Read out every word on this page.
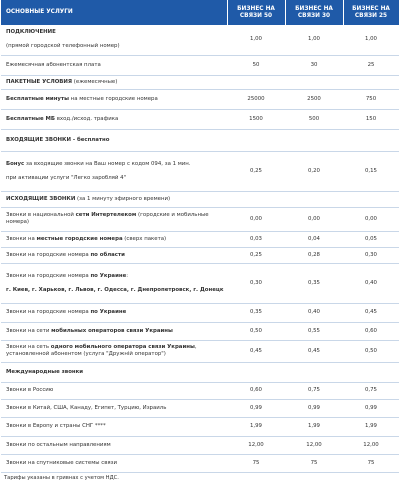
ОСНОВНЫЕ УСЛУГИ	БИЗНЕС НА СВЯЗИ 50	БИЗНЕС НА СВЯЗИ 30	БИЗНЕС НА СВЯЗИ 25
ПОДКЛЮЧЕНИЕ

(прямой городской телефонный номер)	1,00	1,00	1,00
Ежемесячная абонентская плата	50	30	25
ПАКЕТНЫЕ УСЛОВИЯ (ежемесячные)			
Бесплатные минуты на местные городские номера	25000	2500	750
Бесплатные МБ вход./исход. трафика	1500	500	150
ВХОДЯЩИЕ ЗВОНКИ - бесплатно			
Бонус за входящие звонки на Ваш номер с кодом 094, за 1 мин.

при активации услуги "Легко заробляй 4"	0,25	0,20	0,15
ИСХОДЯЩИЕ ЗВОНКИ (за 1 минуту эфирного времени)			
Звонки в национальной сети Интертелеком (городские и мобильные номера)	0,00	0,00	0,00
Звонки на местные городские номера (сверх пакета)	0,03	0,04	0,05
Звонки на городские номера по области	0,25	0,28	0,30
Звонки на городские номера по Украине:

г. Киев, г. Харьков, г. Львов, г. Одесса, г. Днепропетровск, г. Донецк	0,30	0,35	0,40
Звонки на городские номера по Украине	0,35	0,40	0,45
Звонки на сети мобильных операторов связи Украины	0,50	0,55	0,60
Звонки на сеть одного мобильного оператора связи Украины, установленной абонентом (услуга "Дружній оператор")	0,45	0,45	0,50
Международные звонки			
Звонки в Россию	0,60	0,75	0,75
Звонки в Китай, США, Канаду, Египет, Турцию, Израиль	0,99	0,99	0,99
Звонки в Европу и страны СНГ ****	1,99	1,99	1,99
Звонки по остальным направлениям	12,00	12,00	12,00
Звонки на спутниковые системы связи	75	75	75
Тарифы указаны в гривнах с учетом НДС.
